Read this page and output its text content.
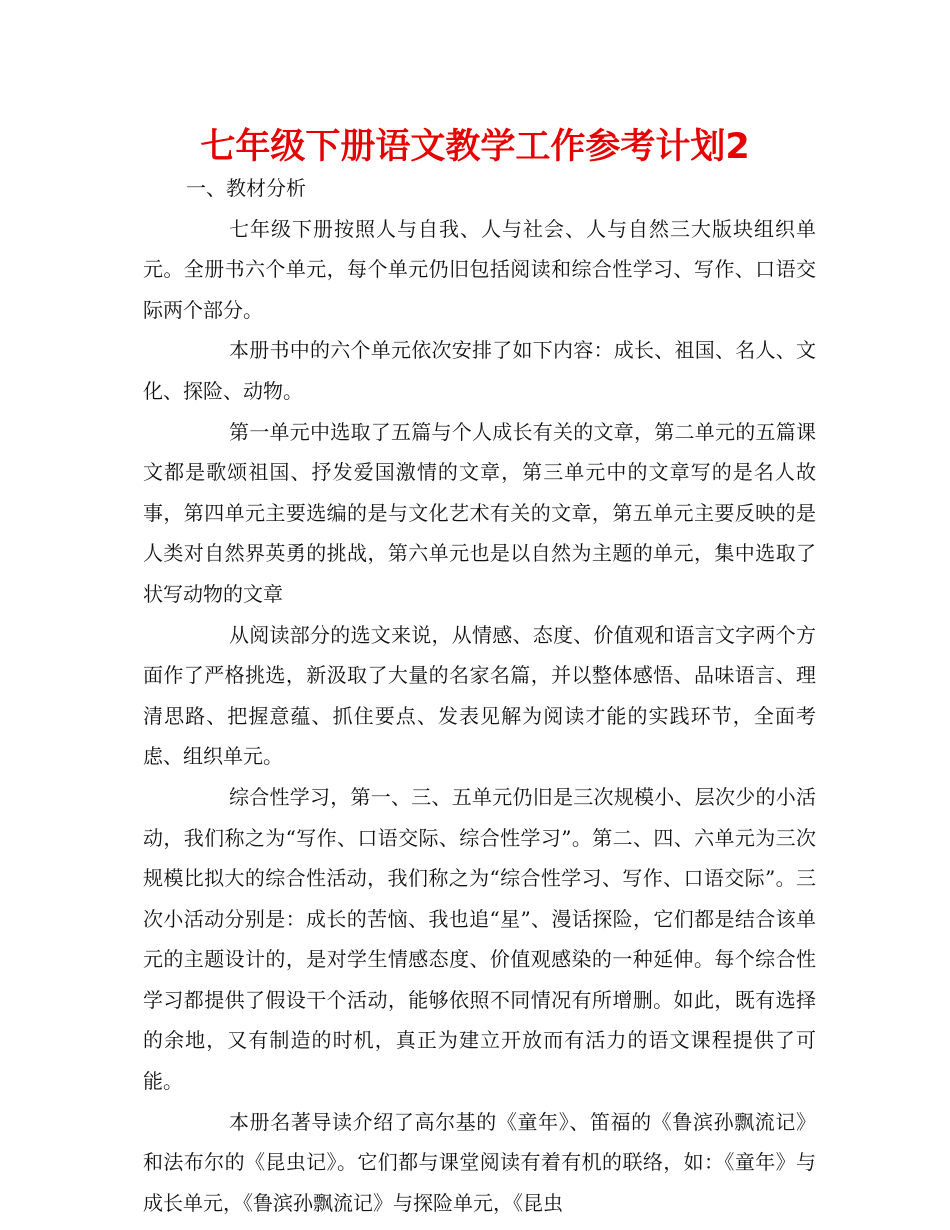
七年级下册语文教学工作参考计划2

一、教材分析

七年级下册按照人与自我、人与社会、人与自然三大版块组织单元。全册书六个单元，每个单元仍旧包括阅读和综合性学习、写作、口语交际两个部分。

本册书中的六个单元依次安排了如下内容：成长、祖国、名人、文化、探险、动物。

第一单元中选取了五篇与个人成长有关的文章，第二单元的五篇课文都是歌颂祖国、抒发爱国激情的文章，第三单元中的文章写的是名人故事，第四单元主要选编的是与文化艺术有关的文章，第五单元主要反映的是人类对自然界英勇的挑战，第六单元也是以自然为主题的单元，集中选取了状写动物的文章

从阅读部分的选文来说，从情感、态度、价值观和语言文字两个方面作了严格挑选，新汲取了大量的名家名篇，并以整体感悟、品味语言、理清思路、把握意蕴、抓住要点、发表见解为阅读才能的实践环节，全面考虑、组织单元。

综合性学习，第一、三、五单元仍旧是三次规模小、层次少的小活动，我们称之为“写作、口语交际、综合性学习”。第二、四、六单元为三次规模比拟大的综合性活动，我们称之为“综合性学习、写作、口语交际”。三次小活动分别是：成长的苦恼、我也追“星”、漫话探险，它们都是结合该单元的主题设计的，是对学生情感态度、价值观感染的一种延伸。每个综合性学习都提供了假设干个活动，能够依照不同情况有所增删。如此，既有选择的余地，又有制造的时机，真正为建立开放而有活力的语文课程提供了可能。

本册名著导读介绍了高尔基的《童年》、笛福的《鲁滨孙飘流记》和法布尔的《昆虫记》。它们都与课堂阅读有着有机的联络，如：《童年》与成长单元，《鲁滨孙飘流记》与探险单元，《昆虫
